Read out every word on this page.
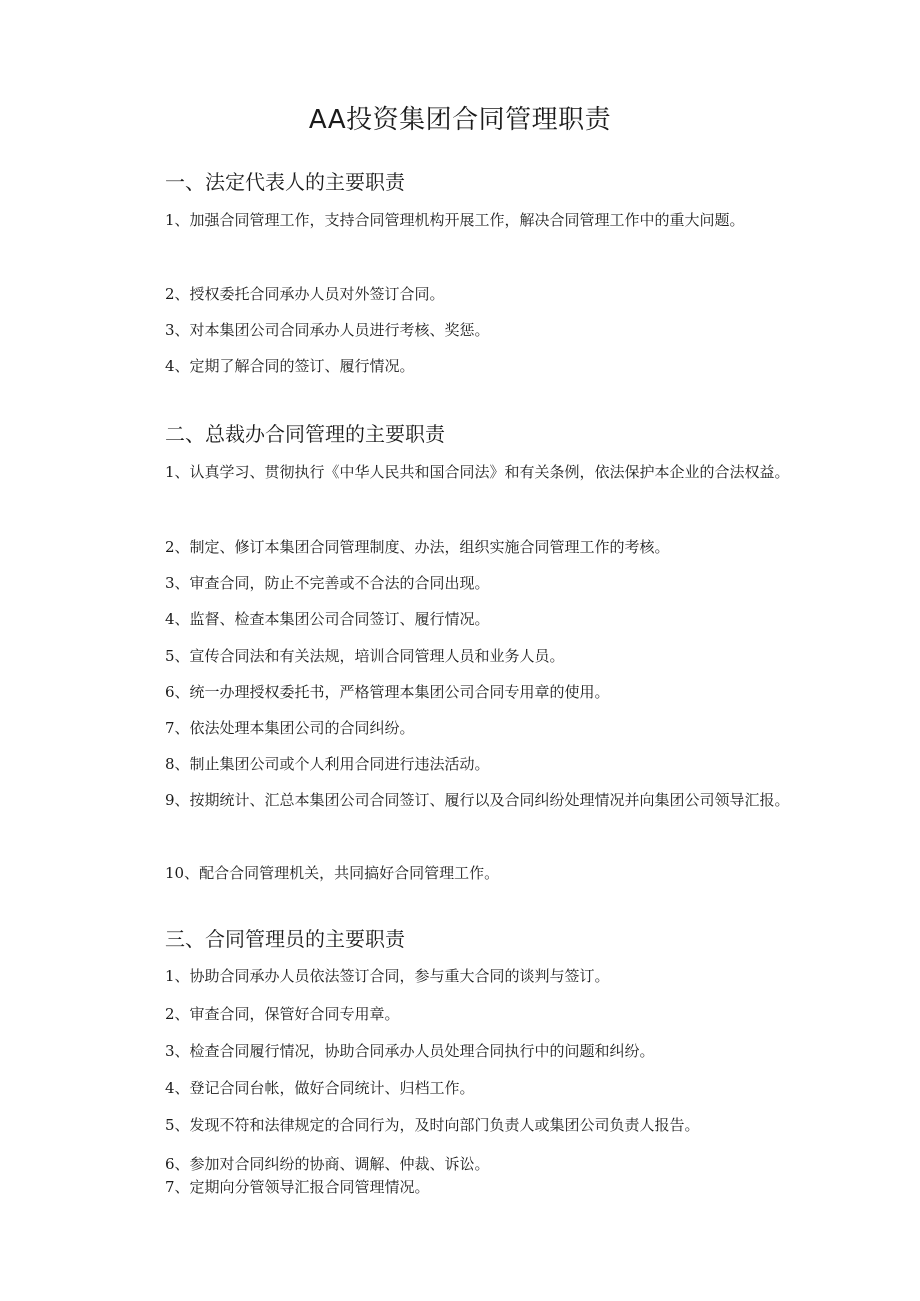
AA投资集团合同管理职责
一、法定代表人的主要职责
1、加强合同管理工作，支持合同管理机构开展工作，解决合同管理工作中的重大问题。
2、授权委托合同承办人员对外签订合同。
3、对本集团公司合同承办人员进行考核、奖惩。
4、定期了解合同的签订、履行情况。
二、总裁办合同管理的主要职责
1、认真学习、贯彻执行《中华人民共和国合同法》和有关条例，依法保护本企业的合法权益。
2、制定、修订本集团合同管理制度、办法，组织实施合同管理工作的考核。
3、审查合同，防止不完善或不合法的合同出现。
4、监督、检查本集团公司合同签订、履行情况。
5、宣传合同法和有关法规，培训合同管理人员和业务人员。
6、统一办理授权委托书，严格管理本集团公司合同专用章的使用。
7、依法处理本集团公司的合同纠纷。
8、制止集团公司或个人利用合同进行违法活动。
9、按期统计、汇总本集团公司合同签订、履行以及合同纠纷处理情况并向集团公司领导汇报。
10、配合合同管理机关，共同搞好合同管理工作。
三、合同管理员的主要职责
1、协助合同承办人员依法签订合同，参与重大合同的谈判与签订。
2、审查合同，保管好合同专用章。
3、检查合同履行情况，协助合同承办人员处理合同执行中的问题和纠纷。
4、登记合同台帐，做好合同统计、归档工作。
5、发现不符和法律规定的合同行为，及时向部门负责人或集团公司负责人报告。
6、参加对合同纠纷的协商、调解、仲裁、诉讼。
7、定期向分管领导汇报合同管理情况。
